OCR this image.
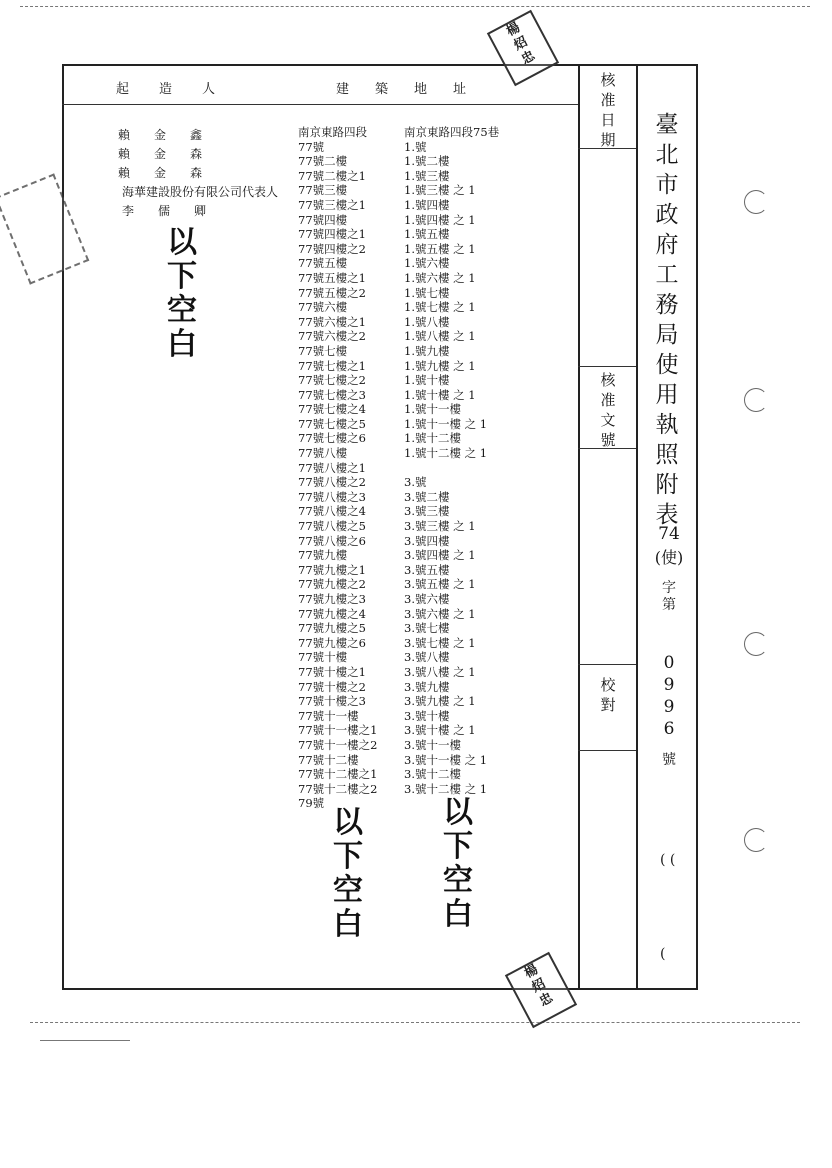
起造人	建築地址
賴　　金　　鑫
賴　　金　　森
賴　　金　　森
海華建設股份有限公司代表人
李　　儒　　卿
以
下
空
白
以
下
空
白
以
下
空
白
南京東路四段
77號
77號二樓
77號二樓之1
77號三樓
77號三樓之1
77號四樓
77號四樓之1
77號四樓之2
77號五樓
77號五樓之1
77號五樓之2
77號六樓
77號六樓之1
77號六樓之2
77號七樓
77號七樓之1
77號七樓之2
77號七樓之3
77號七樓之4
77號七樓之5
77號七樓之6
77號八樓
77號八樓之1
77號八樓之2
77號八樓之3
77號八樓之4
77號八樓之5
77號八樓之6
77號九樓
77號九樓之1
77號九樓之2
77號九樓之3
77號九樓之4
77號九樓之5
77號九樓之6
77號十樓
77號十樓之1
77號十樓之2
77號十樓之3
77號十一樓
77號十一樓之1
77號十一樓之2
77號十二樓
77號十二樓之1
77號十二樓之2
79號
南京東路四段75巷
1.號
1.號二樓
1.號三樓
1.號三樓 之 1
1.號四樓
1.號四樓 之 1
1.號五樓
1.號五樓 之 1
1.號六樓
1.號六樓 之 1
1.號七樓
1.號七樓 之 1
1.號八樓
1.號八樓 之 1
1.號九樓
1.號九樓 之 1
1.號十樓
1.號十樓 之 1
1.號十一樓
1.號十一樓 之 1
1.號十二樓
1.號十二樓 之 1
3.號
3.號二樓
3.號三樓
3.號三樓 之 1
3.號四樓
3.號四樓 之 1
3.號五樓
3.號五樓 之 1
3.號六樓
3.號六樓 之 1
3.號七樓
3.號七樓 之 1
3.號八樓
3.號八樓 之 1
3.號九樓
3.號九樓 之 1
3.號十樓
3.號十樓 之 1
3.號十一樓
3.號十一樓 之 1
3.號十二樓
3.號十二樓 之 1
核
准
日
期
核
准
文
號
校
對
臺
北
市
政
府
工
務
局
使
用
執
照
附
表
74
(使)
字
第
0
9
9
6
號
( (
(
楊
炤
忠
楊
炤
忠
